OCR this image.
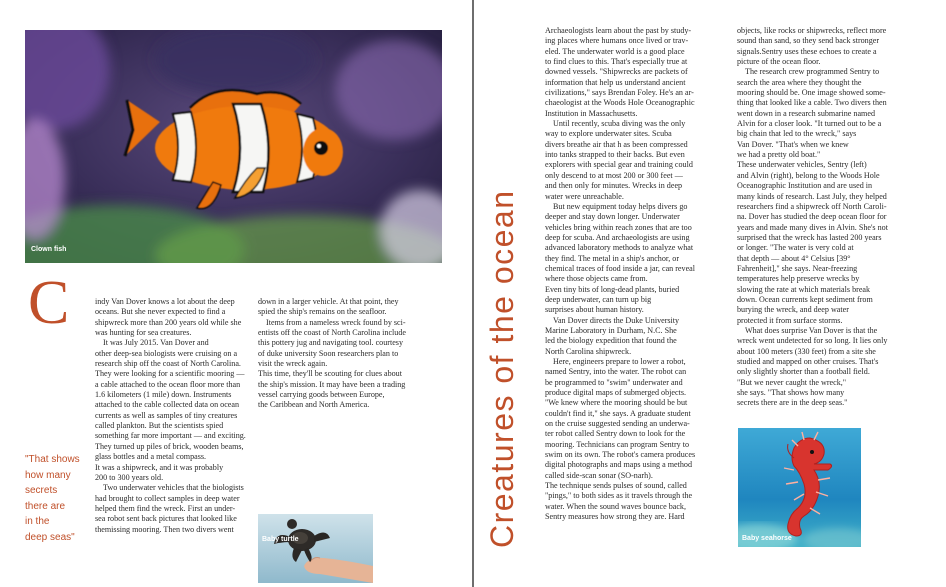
Clown fish
C	indy Van Dover knows a lot about the deep
oceans. But she never expected to find a
shipwreck more than 200 years old while she
was hunting for sea creatures.

It was July 2015. Van Dover and
other deep-sea biologists were cruising on a
research ship off the coast of North Carolina.
They were looking for a scientific mooring —
a cable attached to the ocean floor more than
1.6 kilometers (1 mile) down. Instruments
attached to the cable collected data on ocean
currents as well as samples of tiny creatures
called plankton. But the scientists spied
something far more important — and exciting.
They turned up piles of brick, wooden beams,
glass bottles and a metal compass.
It was a shipwreck, and it was probably
200 to 300 years old.

Two underwater vehicles that the biologists
had brought to collect samples in deep water
helped them find the wreck. First an under-
sea robot sent back pictures that looked like
themissing mooring. Then two divers went

down in a larger vehicle. At that point, they
spied the ship's remains on the seafloor.

Items from a nameless wreck found by sci-
entists off the coast of North Carolina include
this pottery jug and navigating tool. courtesy
of duke university Soon researchers plan to
visit the wreck again.
This time, they'll be scouting for clues about
the ship's mission. It may have been a trading
vessel carrying goods between Europe,
the Caribbean and North America.

Baby turtle
"That shows
how many
secrets
there are
in the
deep seas"	Creatures of the ocean

Archaeologists learn about the past by study-
ing places where humans once lived or trav-
eled. The underwater world is a good place
to find clues to this. That's especially true at
downed vessels. "Shipwrecks are packets of
information that help us understand ancient
civilizations," says Brendan Foley. He's an ar-
chaeologist at the Woods Hole Oceanographic
Institution in Massachusetts.

Until recently, scuba diving was the only
way to explore underwater sites. Scuba
divers breathe air that h as been compressed
into tanks strapped to their backs. But even
explorers with special gear and training could
only descend to at most 200 or 300 feet —
and then only for minutes. Wrecks in deep
water were unreachable.

But new equipment today helps divers go
deeper and stay down longer. Underwater
vehicles bring within reach zones that are too
deep for scuba. And archaeologists are using
advanced laboratory methods to analyze what
they find. The metal in a ship's anchor, or
chemical traces of food inside a jar, can reveal
where those objects came from.
Even tiny bits of long-dead plants, buried
deep underwater, can turn up big
surprises about human history.

Van Dover directs the Duke University
Marine Laboratory in Durham, N.C. She
led the biology expedition that found the
North Carolina shipwreck.

Here, engineers prepare to lower a robot,
named Sentry, into the water. The robot can
be programmed to "swim" underwater and
produce digital maps of submerged objects.
"We knew where the mooring should be but
couldn't find it," she says. A graduate student
on the cruise suggested sending an underwa-
ter robot called Sentry down to look for the
mooring. Technicians can program Sentry to
swim on its own. The robot's camera produces
digital photographs and maps using a method
called side-scan sonar (SO-narh).
The technique sends pulses of sound, called
"pings," to both sides as it travels through the
water. When the sound waves bounce back,
Sentry measures how strong they are. Hard

objects, like rocks or shipwrecks, reflect more
sound than sand, so they send back stronger
signals.Sentry uses these echoes to create a
picture of the ocean floor.

The research crew programmed Sentry to
search the area where they thought the
mooring should be. One image showed some-
thing that looked like a cable. Two divers then
went down in a research submarine named
Alvin for a closer look. "It turned out to be a
big chain that led to the wreck," says
Van Dover. "That's when we knew
we had a pretty old boat."
These underwater vehicles, Sentry (left)
and Alvin (right), belong to the Woods Hole
Oceanographic Institution and are used in
many kinds of research. Last July, they helped
researchers find a shipwreck off North Caroli-
na. Dover has studied the deep ocean floor for
years and made many dives in Alvin. She's not
surprised that the wreck has lasted 200 years
or longer. "The water is very cold at
that depth — about 4° Celsius [39°
Fahrenheit]," she says. Near-freezing
temperatures help preserve wrecks by
slowing the rate at which materials break
down. Ocean currents kept sediment from
burying the wreck, and deep water
protected it from surface storms.

What does surprise Van Dover is that the
wreck went undetected for so long. It lies only
about 100 meters (330 feet) from a site she
studied and mapped on other cruises. That's
only slightly shorter than a football field.
"But we never caught the wreck,"
she says. "That shows how many
secrets there are in the deep seas."

Baby seahorse
